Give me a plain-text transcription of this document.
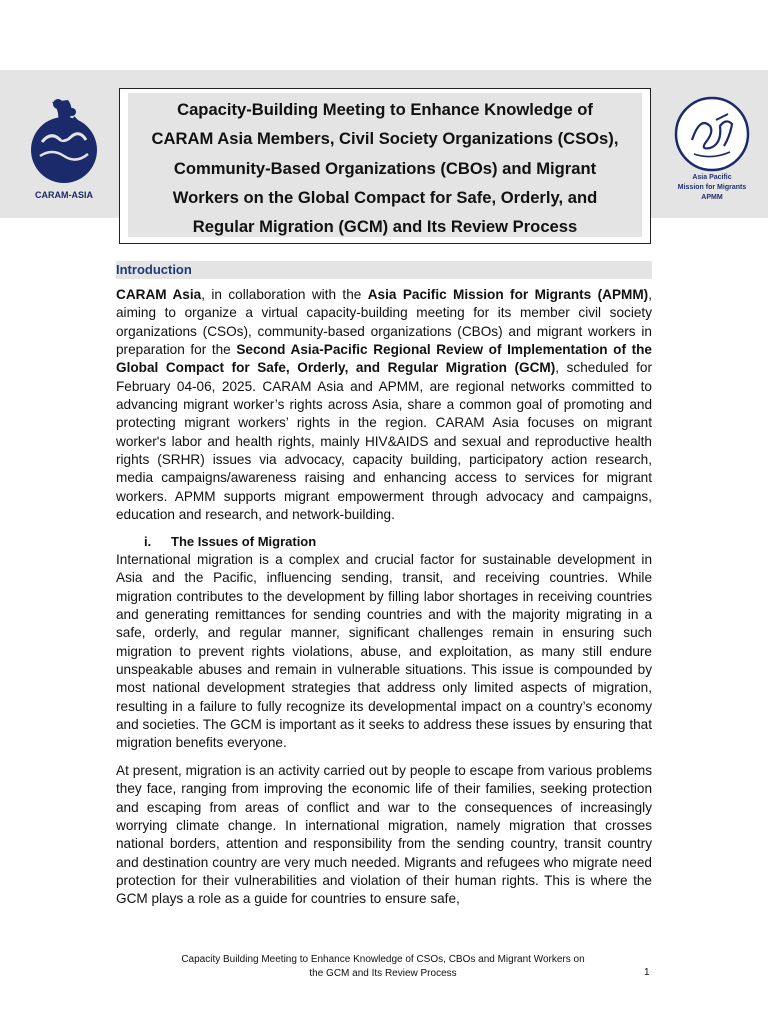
CARAM-ASIA
Asia Pacific
Mission for Migrants
APMM

Capacity-Building Meeting to Enhance Knowledge of
CARAM Asia Members, Civil Society Organizations (CSOs),
Community-Based Organizations (CBOs) and Migrant
Workers on the Global Compact for Safe, Orderly, and
Regular Migration (GCM) and Its Review Process

Introduction

CARAM Asia, in collaboration with the Asia Pacific Mission for Migrants (APMM), aiming to organize a virtual capacity-building meeting for its member civil society organizations (CSOs), community-based organizations (CBOs) and migrant workers in preparation for the Second Asia-Pacific Regional Review of Implementation of the Global Compact for Safe, Orderly, and Regular Migration (GCM), scheduled for February 04-06, 2025. CARAM Asia and APMM, are regional networks committed to advancing migrant worker’s rights across Asia, share a common goal of promoting and protecting migrant workers’ rights in the region. CARAM Asia focuses on migrant worker's labor and health rights, mainly HIV&AIDS and sexual and reproductive health rights (SRHR) issues via advocacy, capacity building, participatory action research, media campaigns/awareness raising and enhancing access to services for migrant workers. APMM supports migrant empowerment through advocacy and campaigns, education and research, and network-building.

i. The Issues of Migration

International migration is a complex and crucial factor for sustainable development in Asia and the Pacific, influencing sending, transit, and receiving countries. While migration contributes to the development by filling labor shortages in receiving countries and generating remittances for sending countries and with the majority migrating in a safe, orderly, and regular manner, significant challenges remain in ensuring such migration to prevent rights violations, abuse, and exploitation, as many still endure unspeakable abuses and remain in vulnerable situations. This issue is compounded by most national development strategies that address only limited aspects of migration, resulting in a failure to fully recognize its developmental impact on a country’s economy and societies. The GCM is important as it seeks to address these issues by ensuring that migration benefits everyone.

At present, migration is an activity carried out by people to escape from various problems they face, ranging from improving the economic life of their families, seeking protection and escaping from areas of conflict and war to the consequences of increasingly worrying climate change. In international migration, namely migration that crosses national borders, attention and responsibility from the sending country, transit country and destination country are very much needed. Migrants and refugees who migrate need protection for their vulnerabilities and violation of their human rights. This is where the GCM plays a role as a guide for countries to ensure safe,

Capacity Building Meeting to Enhance Knowledge of CSOs, CBOs and Migrant Workers on
the GCM and Its Review Process	1
